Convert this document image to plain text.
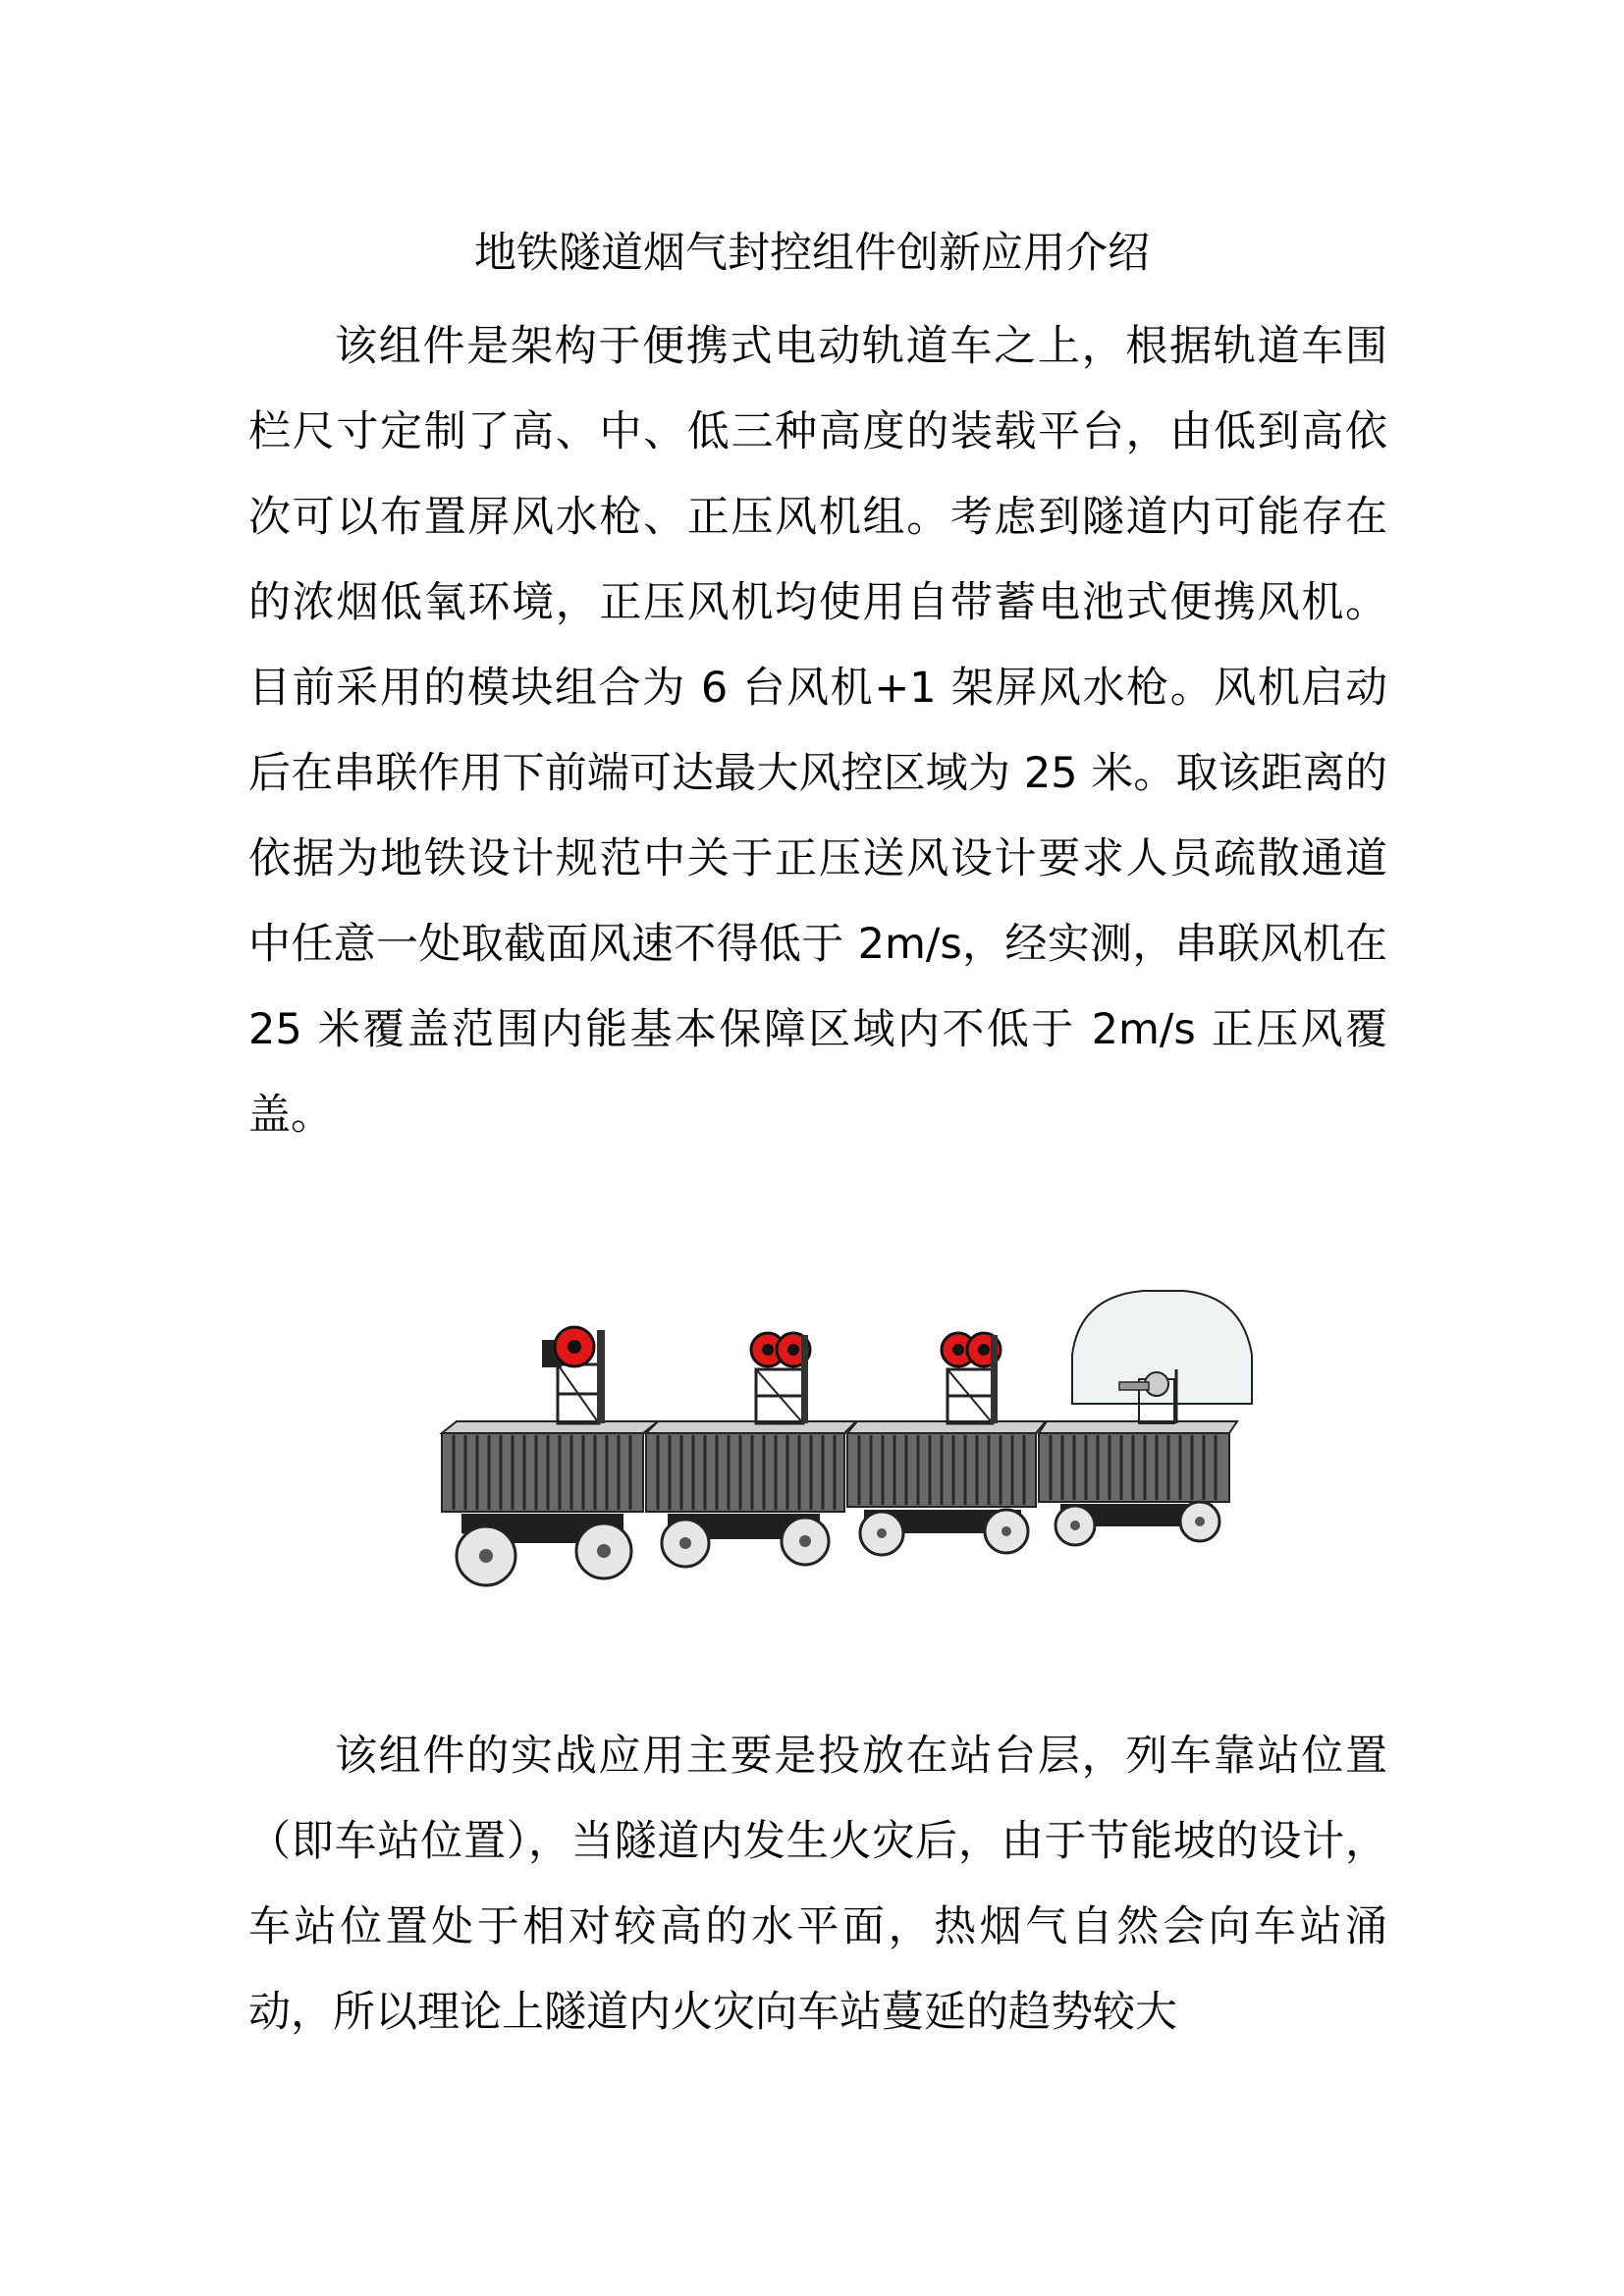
地铁隧道烟气封控组件创新应用介绍

该组件是架构于便携式电动轨道车之上，根据轨道车围栏尺寸定制了高、中、低三种高度的装载平台，由低到高依次可以布置屏风水枪、正压风机组。考虑到隧道内可能存在的浓烟低氧环境，正压风机均使用自带蓄电池式便携风机。目前采用的模块组合为 6 台风机+1 架屏风水枪。风机启动后在串联作用下前端可达最大风控区域为 25 米。取该距离的依据为地铁设计规范中关于正压送风设计要求人员疏散通道中任意一处取截面风速不得低于 2m/s，经实测，串联风机在 25 米覆盖范围内能基本保障区域内不低于 2m/s 正压风覆盖。

该组件的实战应用主要是投放在站台层，列车靠站位置（即车站位置），当隧道内发生火灾后，由于节能坡的设计，车站位置处于相对较高的水平面，热烟气自然会向车站涌动，所以理论上隧道内火灾向车站蔓延的趋势较大
